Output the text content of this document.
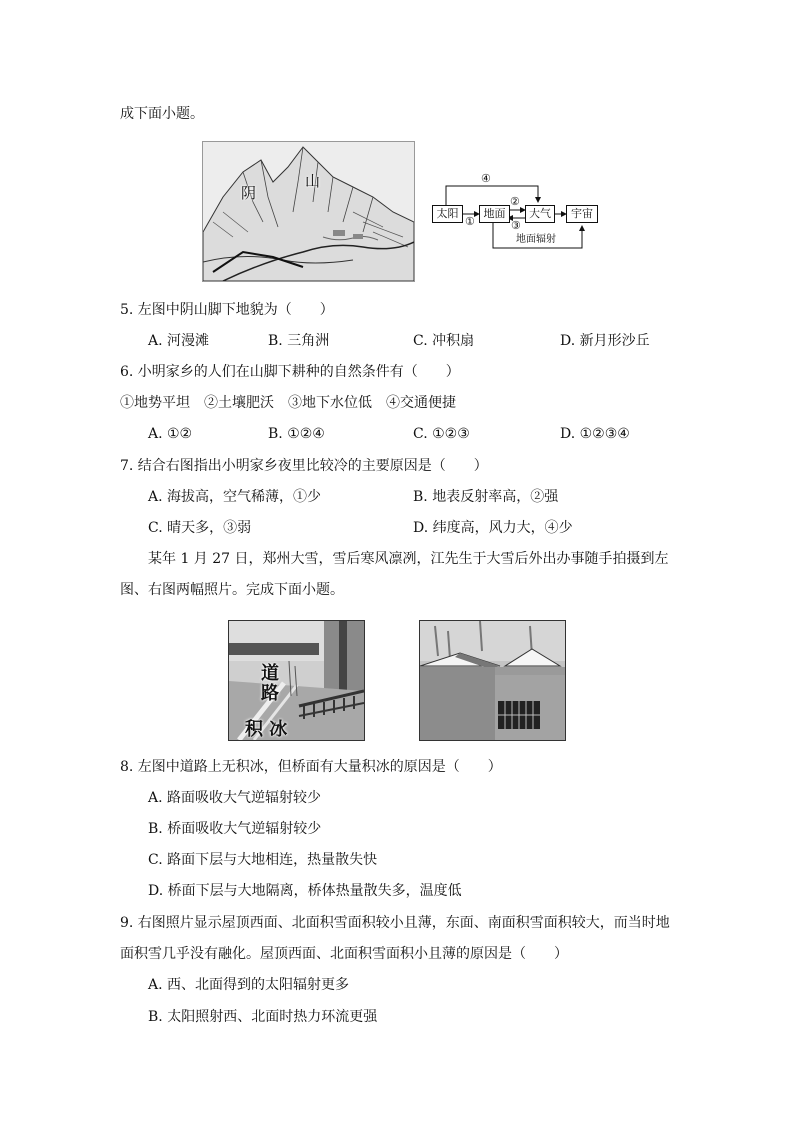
成下面小题。
阴
山
太阳	地面	大气	宇宙
④
②
①	③
地面辐射
5. 左图中阴山脚下地貌为（　　）
A. 河漫滩	B. 三角洲	C. 冲积扇	D. 新月形沙丘
6. 小明家乡的人们在山脚下耕种的自然条件有（　　）
①地势平坦　②土壤肥沃　③地下水位低　④交通便捷
A. ①②	B. ①②④	C. ①②③	D. ①②③④
7. 结合右图指出小明家乡夜里比较冷的主要原因是（　　）
A. 海拔高，空气稀薄，①少	B. 地表反射率高，②强
C. 晴天多，③弱	D. 纬度高，风力大，④少
某年 1 月 27 日，郑州大雪，雪后寒风凛冽，江先生于大雪后外出办事随手拍摄到左
图、右图两幅照片。完成下面小题。
道路
积 冰
8. 左图中道路上无积冰，但桥面有大量积冰的原因是（　　）
A. 路面吸收大气逆辐射较少
B. 桥面吸收大气逆辐射较少
C. 路面下层与大地相连，热量散失快
D. 桥面下层与大地隔离，桥体热量散失多，温度低
9. 右图照片显示屋顶西面、北面积雪面积较小且薄，东面、南面积雪面积较大，而当时地
面积雪几乎没有融化。屋顶西面、北面积雪面积小且薄的原因是（　　）
A. 西、北面得到的太阳辐射更多
B. 太阳照射西、北面时热力环流更强
